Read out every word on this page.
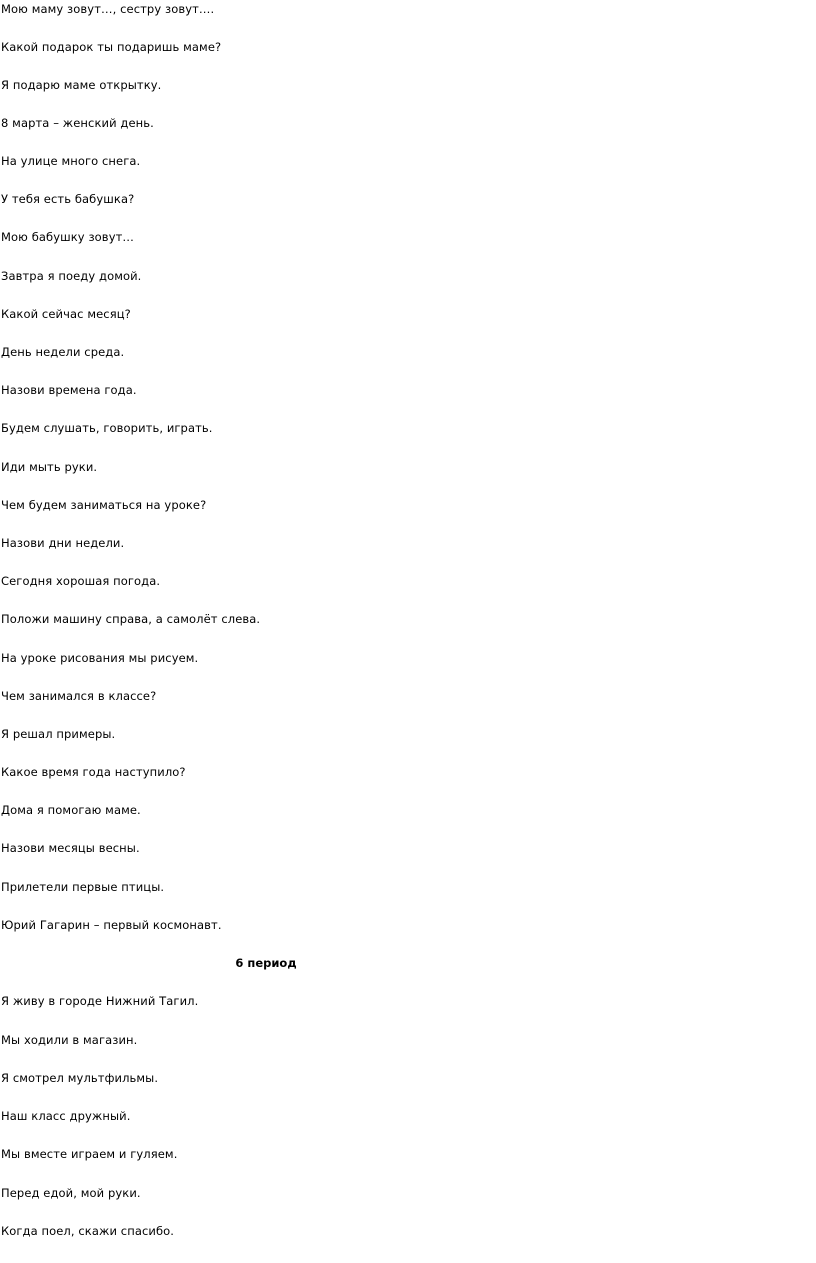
Мою маму зовут…, сестру зовут….

Какой подарок ты подаришь маме?

Я подарю маме открытку.

8 марта – женский день.

На улице много снега.

У тебя есть бабушка?

Мою бабушку зовут…

Завтра я поеду домой.

Какой сейчас месяц?

День недели среда.

Назови времена года.

Будем слушать, говорить, играть.

Иди мыть руки.

Чем будем заниматься на уроке?

Назови дни недели.

Сегодня хорошая погода.

Положи машину справа, а самолёт слева.

На уроке рисования мы рисуем.

Чем занимался в классе?

Я решал примеры.

Какое время года наступило?

Дома я помогаю маме.

Назови месяцы весны.

Прилетели первые птицы.

Юрий Гагарин – первый космонавт.

6 период

Я живу в городе Нижний Тагил.

Мы ходили в магазин.

Я смотрел мультфильмы.

Наш класс дружный.

Мы вместе играем и гуляем.

Перед едой, мой руки.

Когда поел, скажи спасибо.
